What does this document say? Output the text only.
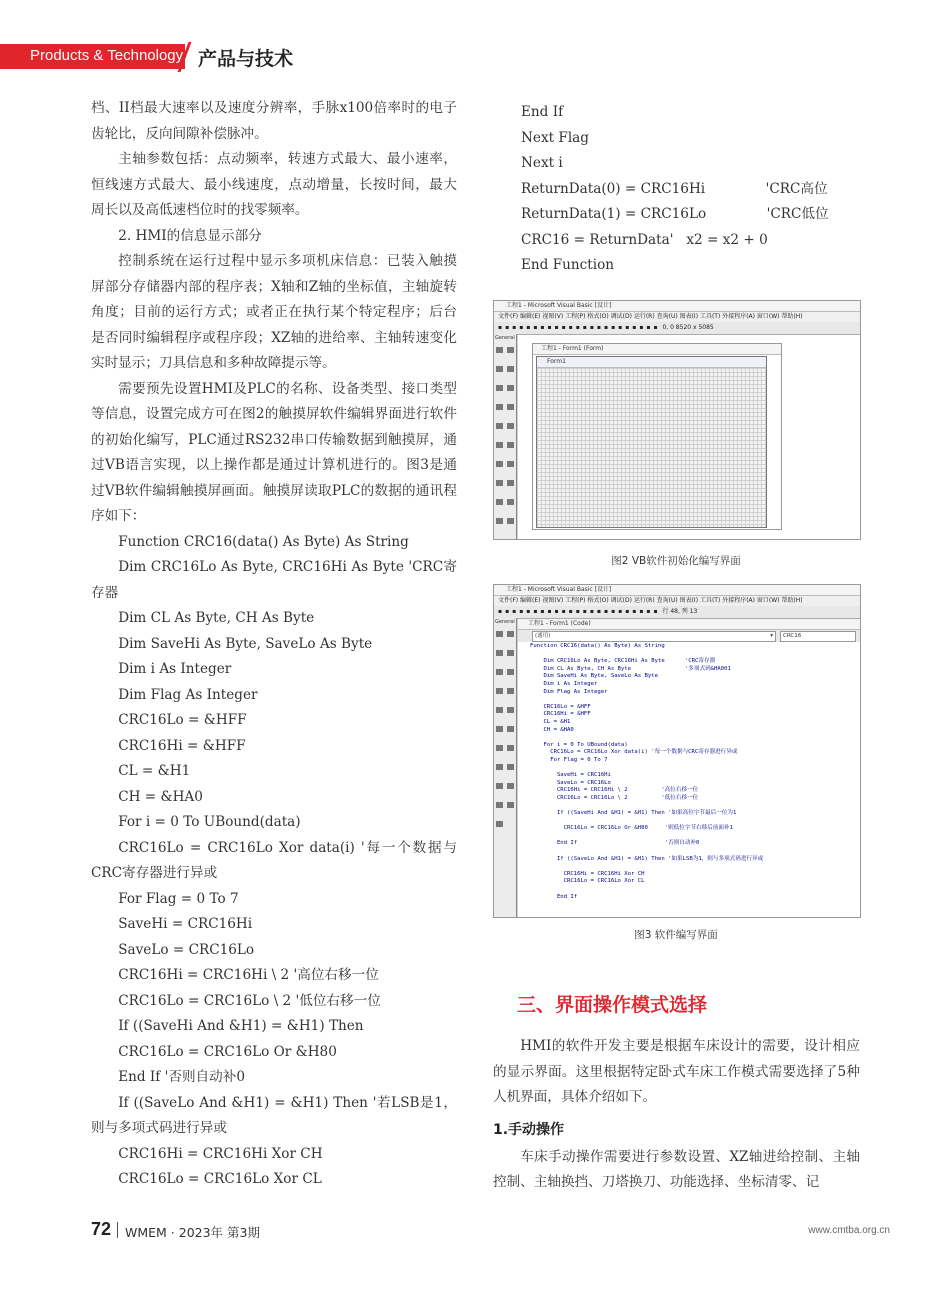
Products & Technology 产品与技术

档、II档最大速率以及速度分辨率，手脉x100倍率时的电子齿轮比，反向间隙补偿脉冲。

主轴参数包括：点动频率，转速方式最大、最小速率，恒线速方式最大、最小线速度，点动增量，长按时间，最大周长以及高低速档位时的找零频率。

2. HMI的信息显示部分

控制系统在运行过程中显示多项机床信息：已装入触摸屏部分存储器内部的程序表；X轴和Z轴的坐标值，主轴旋转角度；目前的运行方式；或者正在执行某个特定程序；后台是否同时编辑程序或程序段；XZ轴的进给率、主轴转速变化实时显示；刀具信息和多种故障提示等。

需要预先设置HMI及PLC的名称、设备类型、接口类型等信息，设置完成方可在图2的触摸屏软件编辑界面进行软件的初始化编写，PLC通过RS232串口传输数据到触摸屏，通过VB语言实现，以上操作都是通过计算机进行的。图3是通过VB软件编辑触摸屏画面。触摸屏读取PLC的数据的通讯程序如下：

Function CRC16(data() As Byte) As String

Dim CRC16Lo As Byte, CRC16Hi As Byte 'CRC寄存器

Dim CL As Byte, CH As Byte

Dim SaveHi As Byte, SaveLo As Byte

Dim i As Integer

Dim Flag As Integer

CRC16Lo = &HFF

CRC16Hi = &HFF

CL = &H1

CH = &HA0

For i = 0 To UBound(data)

CRC16Lo = CRC16Lo Xor data(i) '每一个数据与CRC寄存器进行异或

For Flag = 0 To 7

SaveHi = CRC16Hi

SaveLo = CRC16Lo

CRC16Hi = CRC16Hi \ 2 '高位右移一位

CRC16Lo = CRC16Lo \ 2 '低位右移一位

If ((SaveHi And &H1) = &H1) Then

CRC16Lo = CRC16Lo Or &H80

End If '否则自动补0

If ((SaveLo And &H1) = &H1) Then '若LSB是1，则与多项式码进行异或

CRC16Hi = CRC16Hi Xor CH

CRC16Lo = CRC16Lo Xor CL

End If

Next Flag

Next i

ReturnData(0) = CRC16Hi              'CRC高位

ReturnData(1) = CRC16Lo              'CRC低位

CRC16 = ReturnData'   x2 = x2 + 0

End Function

工程1 - Microsoft Visual Basic [设计]
文件(F) 编辑(E) 视图(V) 工程(P) 格式(O) 调试(D) 运行(R) 查询(U) 图表(I) 工具(T) 外接程序(A) 窗口(W) 帮助(H)
▪▪▪▪▪▪▪▪▪▪▪▪▪▪▪▪▪▪▪▪▪▪▪ 0, 0 8520 x 5085
General
工程1 - Form1 (Form)
Form1
图2 VB软件初始化编写界面
工程1 - Microsoft Visual Basic [设计]
文件(F) 编辑(E) 视图(V) 工程(P) 格式(O) 调试(D) 运行(R) 查询(U) 图表(I) 工具(T) 外接程序(A) 窗口(W) 帮助(H)
▪▪▪▪▪▪▪▪▪▪▪▪▪▪▪▪▪▪▪▪▪▪▪ 行 48, 列 13
General	工程1 - Form1 (Code)
(通用)	▾	CRC16
Function CRC16(data() As Byte) As String
Dim CRC16Lo As Byte, CRC16Hi As Byte      'CRC寄存器
Dim CL As Byte, CH As Byte                '多项式码&HA001
Dim SaveHi As Byte, SaveLo As Byte
Dim i As Integer
Dim Flag As Integer
CRC16Lo = &HFF
CRC16Hi = &HFF
CL = &H1
CH = &HA0
For i = 0 To UBound(data)
CRC16Lo = CRC16Lo Xor data(i) '每一个数据与CRC寄存器进行异或
For Flag = 0 To 7
SaveHi = CRC16Hi
SaveLo = CRC16Lo
CRC16Hi = CRC16Hi \ 2          '高位右移一位
CRC16Lo = CRC16Lo \ 2          '低位右移一位
If ((SaveHi And &H1) = &H1) Then '如果高位字节最后一位为1
CRC16Lo = CRC16Lo Or &H80     '则低位字节右移后前面补1
End If                          '否则自动补0
If ((SaveLo And &H1) = &H1) Then '如果LSB为1，则与多项式码进行异或
CRC16Hi = CRC16Hi Xor CH
CRC16Lo = CRC16Lo Xor CL
End If
图3 软件编写界面
三、界面操作模式选择

HMI的软件开发主要是根据车床设计的需要，设计相应的显示界面。这里根据特定卧式车床工作模式需要选择了5种人机界面，具体介绍如下。

1.手动操作

车床手动操作需要进行参数设置、XZ轴进给控制、主轴控制、主轴换挡、刀塔换刀、功能选择、坐标清零、记

72 WMEM · 2023年 第3期	www.cmtba.org.cn
